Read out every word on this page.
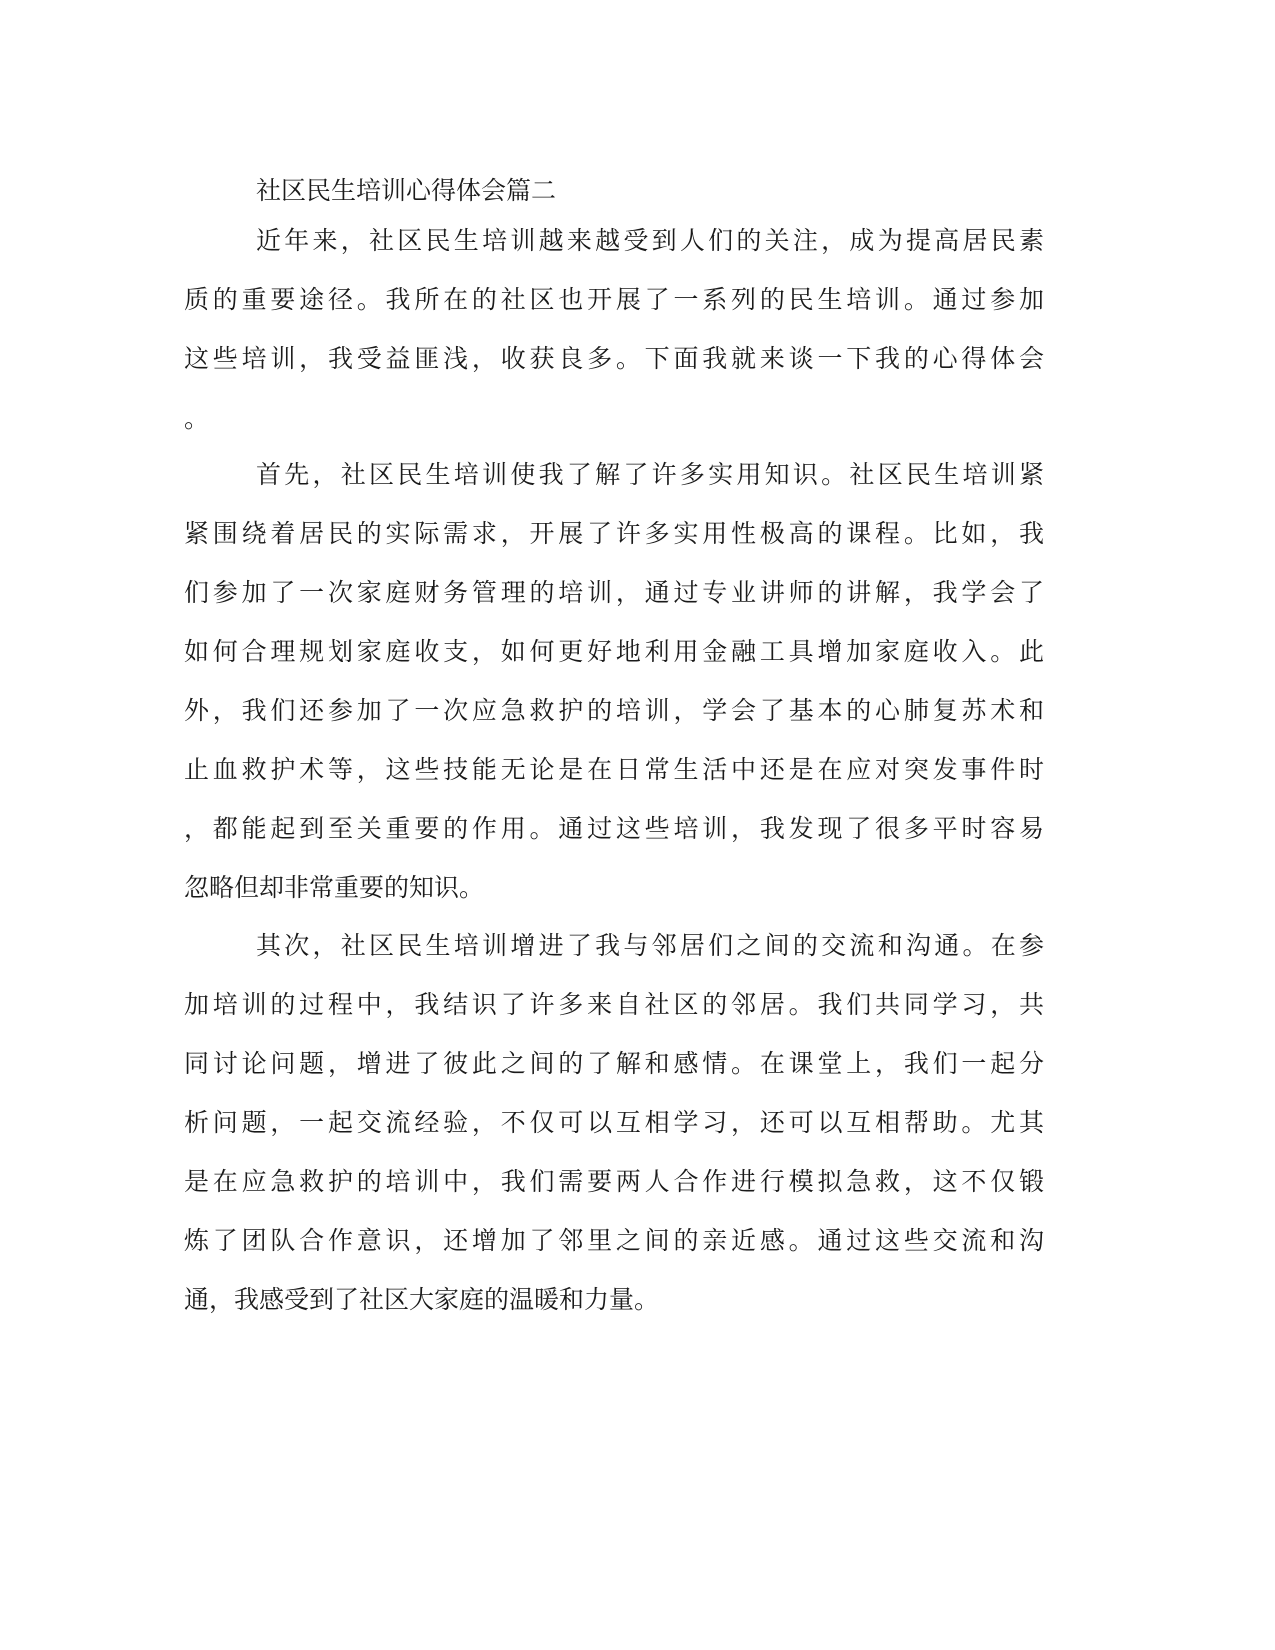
社区民生培训心得体会篇二
近年来，社区民生培训越来越受到人们的关注，成为提高居民素
质的重要途径。我所在的社区也开展了一系列的民生培训。通过参加
这些培训，我受益匪浅，收获良多。下面我就来谈一下我的心得体会
。
首先，社区民生培训使我了解了许多实用知识。社区民生培训紧
紧围绕着居民的实际需求，开展了许多实用性极高的课程。比如，我
们参加了一次家庭财务管理的培训，通过专业讲师的讲解，我学会了
如何合理规划家庭收支，如何更好地利用金融工具增加家庭收入。此
外，我们还参加了一次应急救护的培训，学会了基本的心肺复苏术和
止血救护术等，这些技能无论是在日常生活中还是在应对突发事件时
，都能起到至关重要的作用。通过这些培训，我发现了很多平时容易
忽略但却非常重要的知识。
其次，社区民生培训增进了我与邻居们之间的交流和沟通。在参
加培训的过程中，我结识了许多来自社区的邻居。我们共同学习，共
同讨论问题，增进了彼此之间的了解和感情。在课堂上，我们一起分
析问题，一起交流经验，不仅可以互相学习，还可以互相帮助。尤其
是在应急救护的培训中，我们需要两人合作进行模拟急救，这不仅锻
炼了团队合作意识，还增加了邻里之间的亲近感。通过这些交流和沟
通，我感受到了社区大家庭的温暖和力量。
